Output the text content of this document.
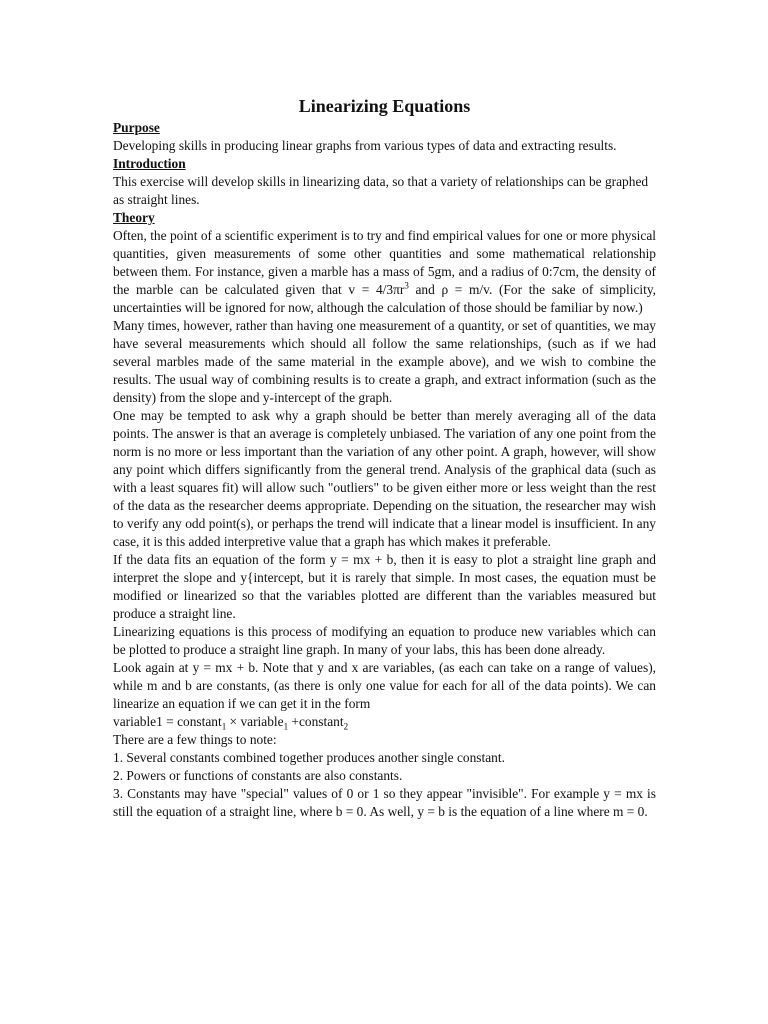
Linearizing Equations
Purpose

Developing skills in producing linear graphs from various types of data and extracting results.

Introduction

This exercise will develop skills in linearizing data, so that a variety of relationships can be graphed as straight lines.

Theory

Often, the point of a scientific experiment is to try and find empirical values for one or more physical quantities, given measurements of some other quantities and some mathematical relationship between them. For instance, given a marble has a mass of 5gm, and a radius of 0:7cm, the density of the marble can be calculated given that $v = 4/3\pi r^3$ and ρ = m/v. (For the sake of simplicity, uncertainties will be ignored for now, although the calculation of those should be familiar by now.)

Many times, however, rather than having one measurement of a quantity, or set of quantities, we may have several measurements which should all follow the same relationships, (such as if we had several marbles made of the same material in the example above), and we wish to combine the results. The usual way of combining results is to create a graph, and extract information (such as the density) from the slope and y-intercept of the graph.

One may be tempted to ask why a graph should be better than merely averaging all of the data points. The answer is that an average is completely unbiased. The variation of any one point from the norm is no more or less important than the variation of any other point. A graph, however, will show any point which differs significantly from the general trend. Analysis of the graphical data (such as with a least squares fit) will allow such "outliers" to be given either more or less weight than the rest of the data as the researcher deems appropriate. Depending on the situation, the researcher may wish to verify any odd point(s), or perhaps the trend will indicate that a linear model is insufficient. In any case, it is this added interpretive value that a graph has which makes it preferable.

If the data fits an equation of the form y = mx + b, then it is easy to plot a straight line graph and interpret the slope and y{intercept, but it is rarely that simple. In most cases, the equation must be modified or linearized so that the variables plotted are different than the variables measured but produce a straight line.

Linearizing equations is this process of modifying an equation to produce new variables which can be plotted to produce a straight line graph. In many of your labs, this has been done already.

Look again at y = mx + b. Note that y and x are variables, (as each can take on a range of values), while m and b are constants, (as there is only one value for each for all of the data points). We can linearize an equation if we can get it in the form

variable1 = constant$_1$ × variable$_1$ +constant$_2$

There are a few things to note:

1. Several constants combined together produces another single constant.

2. Powers or functions of constants are also constants.

3. Constants may have "special" values of 0 or 1 so they appear "invisible". For example y = mx is still the equation of a straight line, where b = 0. As well, y = b is the equation of a line where m = 0.
